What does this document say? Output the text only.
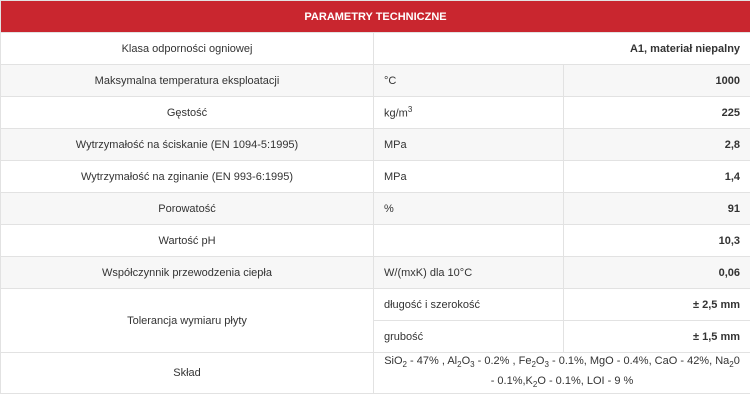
PARAMETRY TECHNICZNE		
Klasa odporności ogniowej	A1, materiał niepalny	
Maksymalna temperatura eksploatacji	°C	1000
Gęstość	$kg/m^3$	225
Wytrzymałość na ściskanie (EN 1094-5:1995)	MPa	2,8
Wytrzymałość na zginanie (EN 993-6:1995)	MPa	1,4
Porowatość	%	91
Wartość pH		10,3
Współczynnik przewodzenia ciepła	W/(mxK) dla 10°C	0,06
Tolerancja wymiaru płyty	długość i szerokość	± 2,5 mm
	grubość	± 1,5 mm
Skład	SiO$_2$ - 47% , $Al_2O_3 - 0.2\%$ , $Fe_2O_3 - 0.1\%$, MgO - 0.4%, CaO - 42%, $Na_20 - 0.1\%,K_2O - 0.1\%$, LOI - 9 %	
